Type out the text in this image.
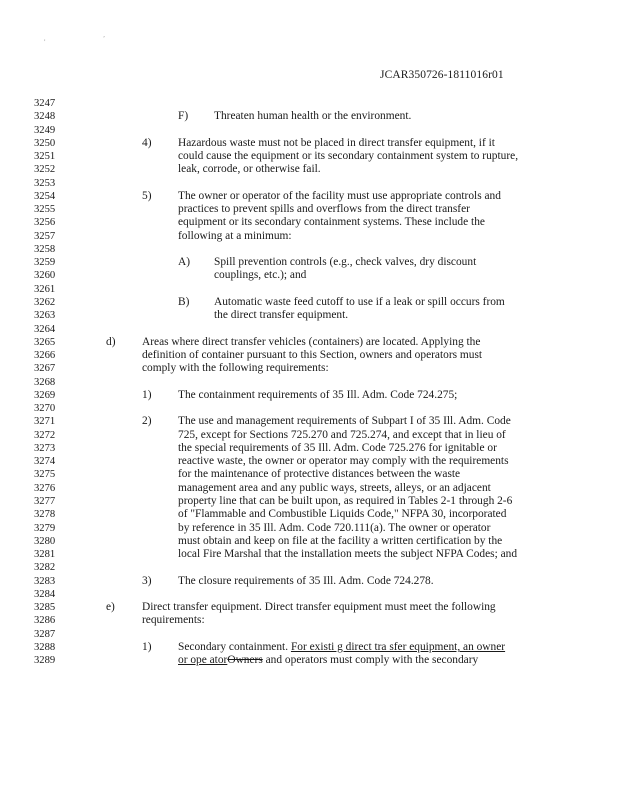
, ʼ
JCAR350726-1811016r01
3247
3248	F) Threaten human health or the environment.
3249
3250	4) Hazardous waste must not be placed in direct transfer equipment, if it
3251	could cause the equipment or its secondary containment system to rupture,
3252	leak, corrode, or otherwise fail.
3253
3254	5) The owner or operator of the facility must use appropriate controls and
3255	practices to prevent spills and overflows from the direct transfer
3256	equipment or its secondary containment systems. These include the
3257	following at a minimum:
3258
3259	A) Spill prevention controls (e.g., check valves, dry discount
3260	couplings, etc.); and
3261
3262	B) Automatic waste feed cutoff to use if a leak or spill occurs from
3263	the direct transfer equipment.
3264
3265	d) Areas where direct transfer vehicles (containers) are located. Applying the
3266	definition of container pursuant to this Section, owners and operators must
3267	comply with the following requirements:
3268
3269	1) The containment requirements of 35 Ill. Adm. Code 724.275;
3270
3271	2) The use and management requirements of Subpart I of 35 Ill. Adm. Code
3272	725, except for Sections 725.270 and 725.274, and except that in lieu of
3273	the special requirements of 35 Ill. Adm. Code 725.276 for ignitable or
3274	reactive waste, the owner or operator may comply with the requirements
3275	for the maintenance of protective distances between the waste
3276	management area and any public ways, streets, alleys, or an adjacent
3277	property line that can be built upon, as required in Tables 2-1 through 2-6
3278	of "Flammable and Combustible Liquids Code," NFPA 30, incorporated
3279	by reference in 35 Ill. Adm. Code 720.111(a). The owner or operator
3280	must obtain and keep on file at the facility a written certification by the
3281	local Fire Marshal that the installation meets the subject NFPA Codes; and
3282
3283	3) The closure requirements of 35 Ill. Adm. Code 724.278.
3284
3285	e) Direct transfer equipment. Direct transfer equipment must meet the following
3286	requirements:
3287
3288	1) Secondary containment. For existi g direct tra sfer equipment, an owner
3289	or ope atorOwners and operators must comply with the secondary
